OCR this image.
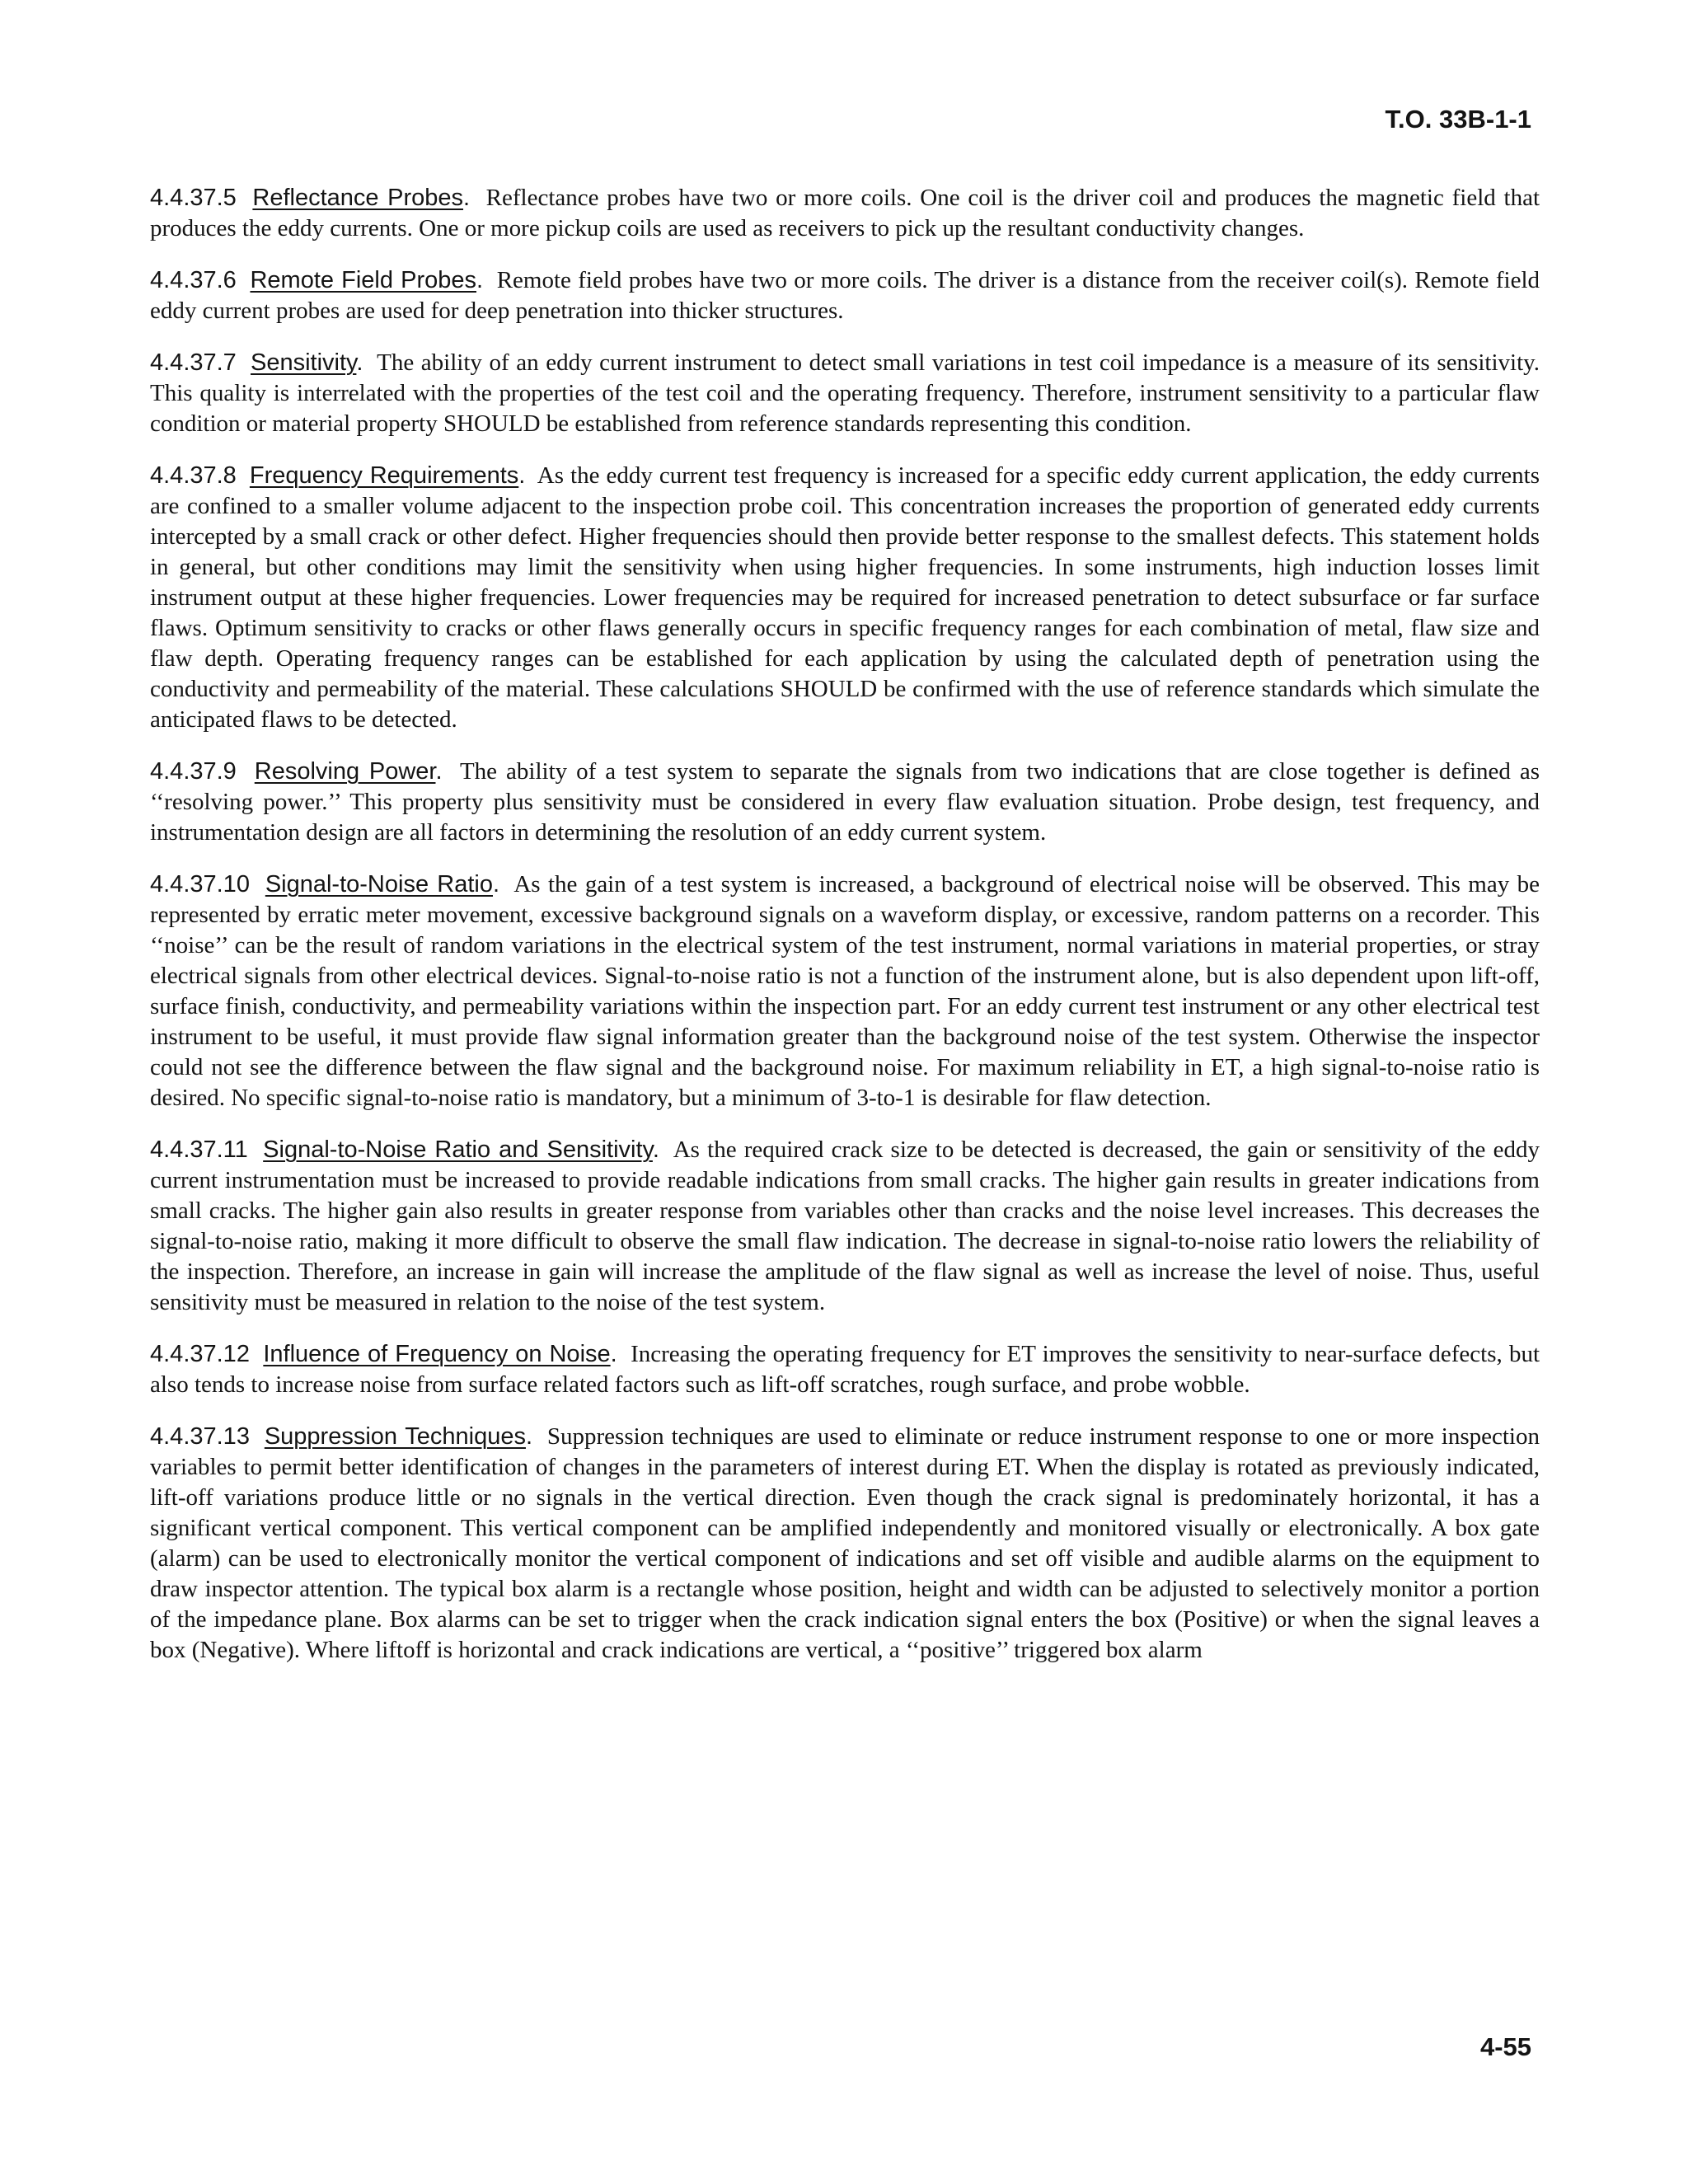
T.O. 33B-1-1

4.4.37.5 Reflectance Probes. Reflectance probes have two or more coils. One coil is the driver coil and produces the magnetic field that produces the eddy currents. One or more pickup coils are used as receivers to pick up the resultant conductivity changes.

4.4.37.6 Remote Field Probes. Remote field probes have two or more coils. The driver is a distance from the receiver coil(s). Remote field eddy current probes are used for deep penetration into thicker structures.

4.4.37.7 Sensitivity. The ability of an eddy current instrument to detect small variations in test coil impedance is a measure of its sensitivity. This quality is interrelated with the properties of the test coil and the operating frequency. Therefore, instrument sensitivity to a particular flaw condition or material property SHOULD be established from reference standards representing this condition.

4.4.37.8 Frequency Requirements. As the eddy current test frequency is increased for a specific eddy current application, the eddy currents are confined to a smaller volume adjacent to the inspection probe coil. This concentration increases the proportion of generated eddy currents intercepted by a small crack or other defect. Higher frequencies should then provide better response to the smallest defects. This statement holds in general, but other conditions may limit the sensitivity when using higher frequencies. In some instruments, high induction losses limit instrument output at these higher frequencies. Lower frequencies may be required for increased penetration to detect subsurface or far surface flaws. Optimum sensitivity to cracks or other flaws generally occurs in specific frequency ranges for each combination of metal, flaw size and flaw depth. Operating frequency ranges can be established for each application by using the calculated depth of penetration using the conductivity and permeability of the material. These calculations SHOULD be confirmed with the use of reference standards which simulate the anticipated flaws to be detected.

4.4.37.9 Resolving Power. The ability of a test system to separate the signals from two indications that are close together is defined as ‘‘resolving power.’’ This property plus sensitivity must be considered in every flaw evaluation situation. Probe design, test frequency, and instrumentation design are all factors in determining the resolution of an eddy current system.

4.4.37.10 Signal-to-Noise Ratio. As the gain of a test system is increased, a background of electrical noise will be observed. This may be represented by erratic meter movement, excessive background signals on a waveform display, or excessive, random patterns on a recorder. This ‘‘noise’’ can be the result of random variations in the electrical system of the test instrument, normal variations in material properties, or stray electrical signals from other electrical devices. Signal-to-noise ratio is not a function of the instrument alone, but is also dependent upon lift-off, surface finish, conductivity, and permeability variations within the inspection part. For an eddy current test instrument or any other electrical test instrument to be useful, it must provide flaw signal information greater than the background noise of the test system. Otherwise the inspector could not see the difference between the flaw signal and the background noise. For maximum reliability in ET, a high signal-to-noise ratio is desired. No specific signal-to-noise ratio is mandatory, but a minimum of 3-to-1 is desirable for flaw detection.

4.4.37.11 Signal-to-Noise Ratio and Sensitivity. As the required crack size to be detected is decreased, the gain or sensitivity of the eddy current instrumentation must be increased to provide readable indications from small cracks. The higher gain results in greater indications from small cracks. The higher gain also results in greater response from variables other than cracks and the noise level increases. This decreases the signal-to-noise ratio, making it more difficult to observe the small flaw indication. The decrease in signal-to-noise ratio lowers the reliability of the inspection. Therefore, an increase in gain will increase the amplitude of the flaw signal as well as increase the level of noise. Thus, useful sensitivity must be measured in relation to the noise of the test system.

4.4.37.12 Influence of Frequency on Noise. Increasing the operating frequency for ET improves the sensitivity to near-surface defects, but also tends to increase noise from surface related factors such as lift-off scratches, rough surface, and probe wobble.

4.4.37.13 Suppression Techniques. Suppression techniques are used to eliminate or reduce instrument response to one or more inspection variables to permit better identification of changes in the parameters of interest during ET. When the display is rotated as previously indicated, lift-off variations produce little or no signals in the vertical direction. Even though the crack signal is predominately horizontal, it has a significant vertical component. This vertical component can be amplified independently and monitored visually or electronically. A box gate (alarm) can be used to electronically monitor the vertical component of indications and set off visible and audible alarms on the equipment to draw inspector attention. The typical box alarm is a rectangle whose position, height and width can be adjusted to selectively monitor a portion of the impedance plane. Box alarms can be set to trigger when the crack indication signal enters the box (Positive) or when the signal leaves a box (Negative). Where liftoff is horizontal and crack indications are vertical, a ‘‘positive’’ triggered box alarm

4-55
